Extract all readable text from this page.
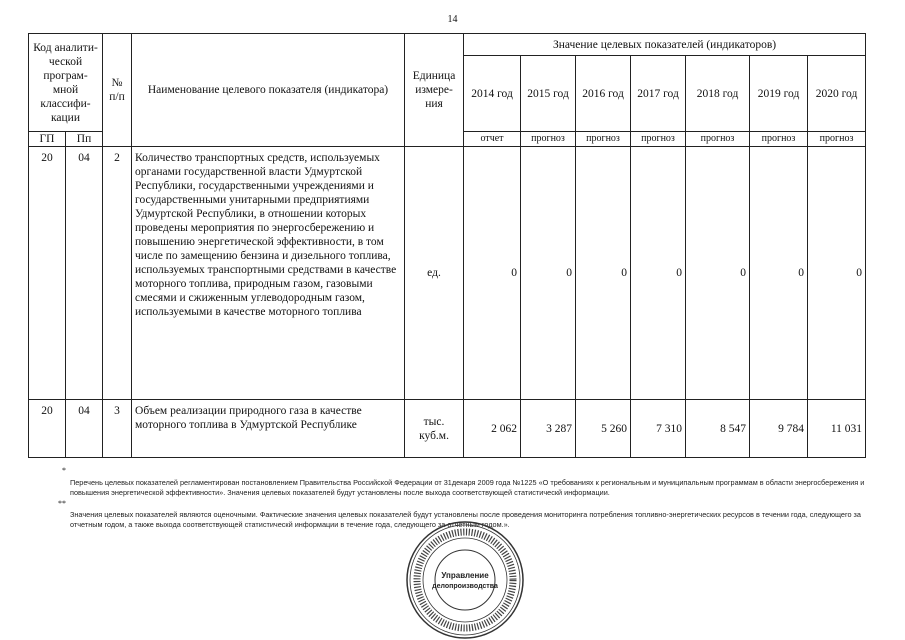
14
Код аналити-ческой програм-мной классифи-кации		№ п/п	Наименование целевого показателя (индикатора)	Единица измере-ния	Значение целевых показателей (индикаторов)						
					2014 год	2015 год	2016 год	2017 год	2018 год	2019 год	2020 год
ГП	Пп				отчет	прогноз	прогноз	прогноз	прогноз	прогноз	прогноз
20	04	2	Количество транспортных средств, используемых органами государственной власти Удмуртской Республики, государственными учреждениями и государственными унитарными предприятиями Удмуртской Республики, в отношении которых проведены мероприятия по энергосбережению и повышению энергетической эффективности, в том числе по замещению бензина и дизельного топлива, используемых транспортными средствами в качестве моторного топлива, природным газом, газовыми смесями и сжиженным углеводородным газом, используемыми в качестве моторного топлива	ед.	0	0	0	0	0	0	0
20	04	3	Объем реализации природного газа в качестве моторного топлива в Удмуртской Республике	тыс. куб.м.	2 062	3 287	5 260	7 310	8 547	9 784	11 031
*
Перечень целевых показателей регламентирован постановлением Правительства Российской Федерации от 31декаря 2009 года №1225 «О требованиях к региональным и муниципальным программам в области энергосбережения и повышения энергетической эффективности». Значения целевых показателей будут установлены после выхода соответствующей статистическй информации.
**
Значения целевых показателей являются оценочными. Фактические значения целевых показателей будут установлены после проведения мониторинга потребления топливно-энергетических ресурсов в течении года, следующего за отчетным годом, а также выхода соответствующей статистическй информации в течение года, следующего за отчетным годом.».
Управление
делопроизводства
